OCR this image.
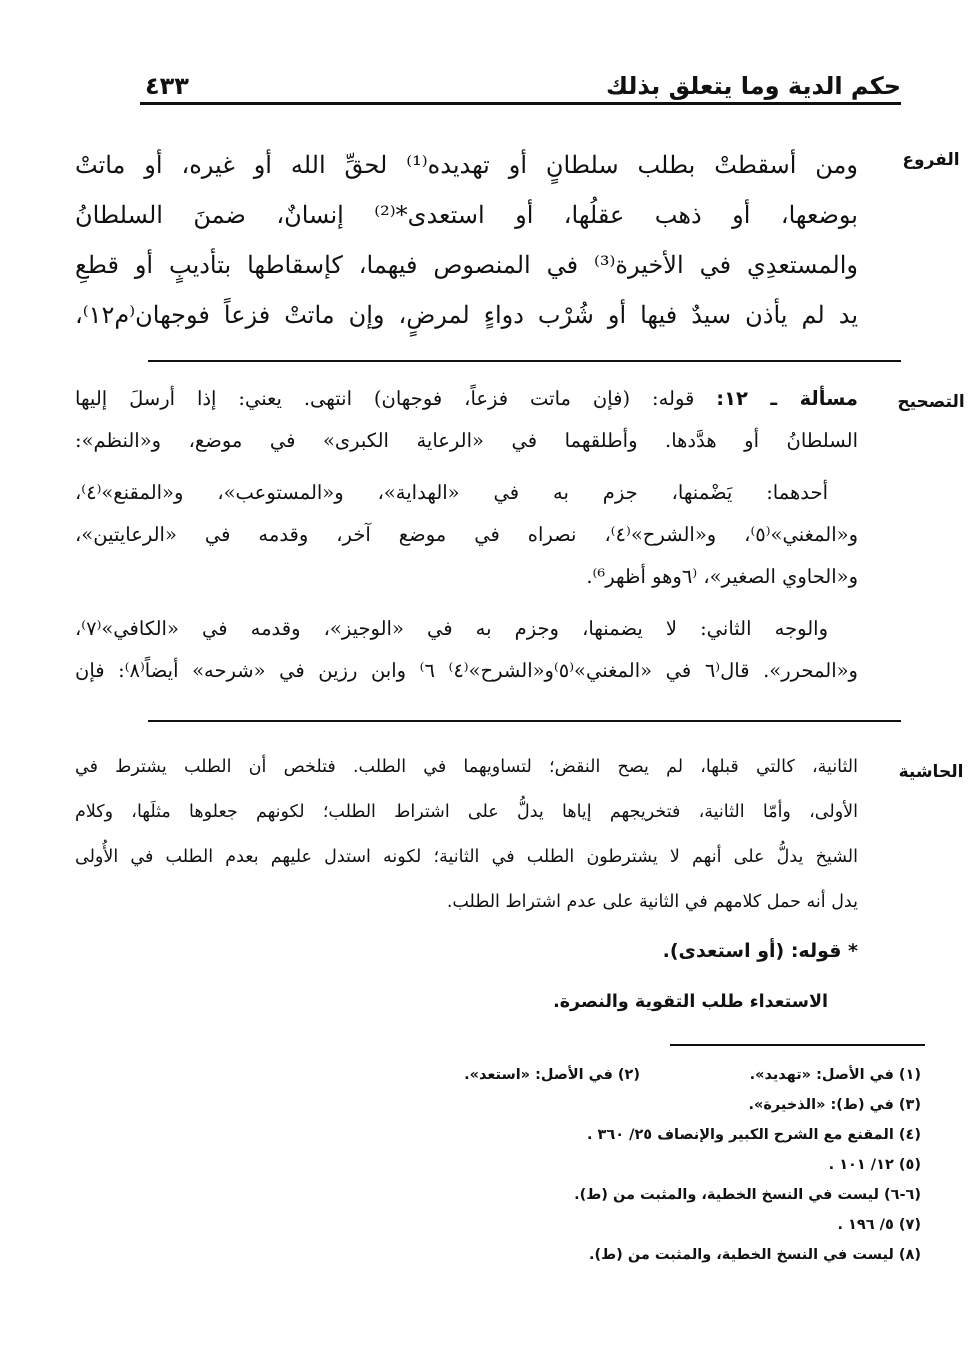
حكم الدية وما يتعلق بذلك
٤٣٣
الفروع
التصحيح
الحاشية
ومن أسقطتْ بطلب سلطانٍ أو تهديده⁽¹⁾ لحقِّ الله أو غيره، أو ماتتْ
بوضعها، أو ذهب عقلُها، أو استعدى*⁽²⁾ إنسانٌ، ضمنَ السلطانُ
والمستعدِي في الأخيرة⁽³⁾ في المنصوص فيهما، كإسقاطها بتأديبٍ أو قطعِ
يد لم يأذن سيدٌ فيها أو شُرْب دواءٍ لمرضٍ، وإن ماتتْ فزعاً فوجهان⁽م١٢⁾،
مسألة ـ ١٢: قوله: (فإن ماتت فزعاً، فوجهان) انتهى. يعني: إذا أرسلَ إليها
السلطانُ أو هدَّدها. وأطلقهما في «الرعاية الكبرى» في موضع، و«النظم»:
أحدهما: يَضْمنها، جزم به في «الهداية»، و«المستوعب»، و«المقنع»⁽٤⁾،
و«المغني»⁽٥⁾، و«الشرح»⁽٤⁾، نصراه في موضع آخر، وقدمه في «الرعايتين»،
و«الحاوي الصغير»، ⁽٦وهو أظهر⁶⁾.
والوجه الثاني: لا يضمنها، وجزم به في «الوجيز»، وقدمه في «الكافي»⁽٧⁾،
و«المحرر». قال⁽٦ في «المغني»⁽٥⁾و«الشرح»⁽٤⁾ ٦⁾ وابن رزين في «شرحه» أيضاً⁽٨⁾: فإن
الثانية، كالتي قبلها، لم يصح النقض؛ لتساويهما في الطلب. فتلخص أن الطلب يشترط في
الأولى، وأمّا الثانية، فتخريجهم إياها يدلُّ على اشتراط الطلب؛ لكونهم جعلوها مثلَها، وكلام
الشيخ يدلُّ على أنهم لا يشترطون الطلب في الثانية؛ لكونه استدل عليهم بعدم الطلب في الأُولى
يدل أنه حمل كلامهم في الثانية على عدم اشتراط الطلب.
* قوله: (أو استعدى).
الاستعداء طلب التقوية والنصرة.
(١) في الأصل: «تهديد».
(٣) في (ط): «الذخيرة».
(٤) المقنع مع الشرح الكبير والإنصاف ٢٥/ ٣٦٠ .
(٥) ١٢/ ١٠١ .
(٦-٦) ليست في النسخ الخطية، والمثبت من (ط).
(٧) ٥/ ١٩٦ .
(٨) ليست في النسخ الخطية، والمثبت من (ط).
(٢) في الأصل: «استعد».
